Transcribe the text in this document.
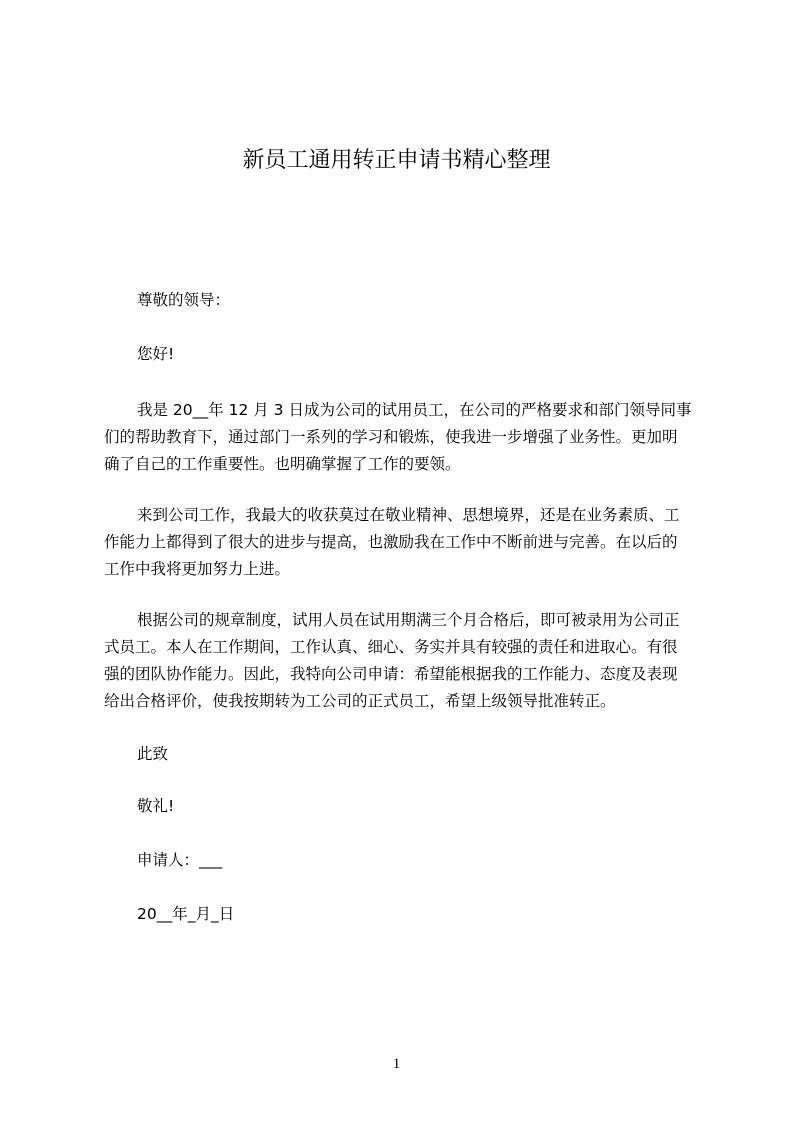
新员工通用转正申请书精心整理
尊敬的领导：
您好!
我是 20__年 12 月 3 日成为公司的试用员工，在公司的严格要求和部门领导同事
们的帮助教育下，通过部门一系列的学习和锻炼，使我进一步增强了业务性。更加明
确了自己的工作重要性。也明确掌握了工作的要领。
来到公司工作，我最大的收获莫过在敬业精神、思想境界，还是在业务素质、工
作能力上都得到了很大的进步与提高，也激励我在工作中不断前进与完善。在以后的
工作中我将更加努力上进。
根据公司的规章制度，试用人员在试用期满三个月合格后，即可被录用为公司正
式员工。本人在工作期间，工作认真、细心、务实并具有较强的责任和进取心。有很
强的团队协作能力。因此，我特向公司申请：希望能根据我的工作能力、态度及表现
给出合格评价，使我按期转为工公司的正式员工，希望上级领导批准转正。
此致
敬礼!
申请人：___
20__年_月_日
1
